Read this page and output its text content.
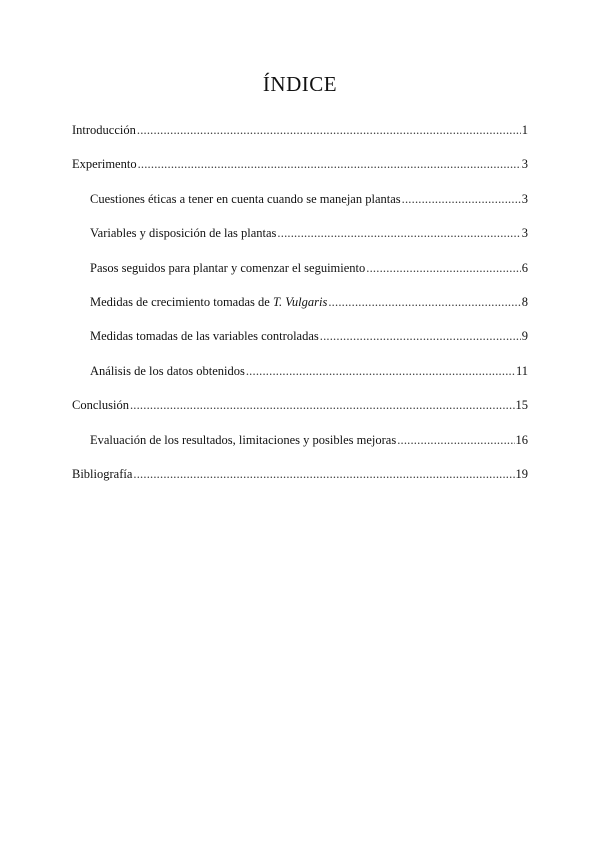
ÍNDICE
Introducción .....	1
Experimento .....	3
Cuestiones éticas a tener en cuenta cuando se manejan plantas .....	3
Variables y disposición de las plantas .....	3
Pasos seguidos para plantar y comenzar el seguimiento .....	6
Medidas de crecimiento tomadas de T. Vulgaris .....	8
Medidas tomadas de las variables controladas .....	9
Análisis de los datos obtenidos .....	11
Conclusión .....	15
Evaluación de los resultados, limitaciones y posibles mejoras .....	16
Bibliografía .....	19
